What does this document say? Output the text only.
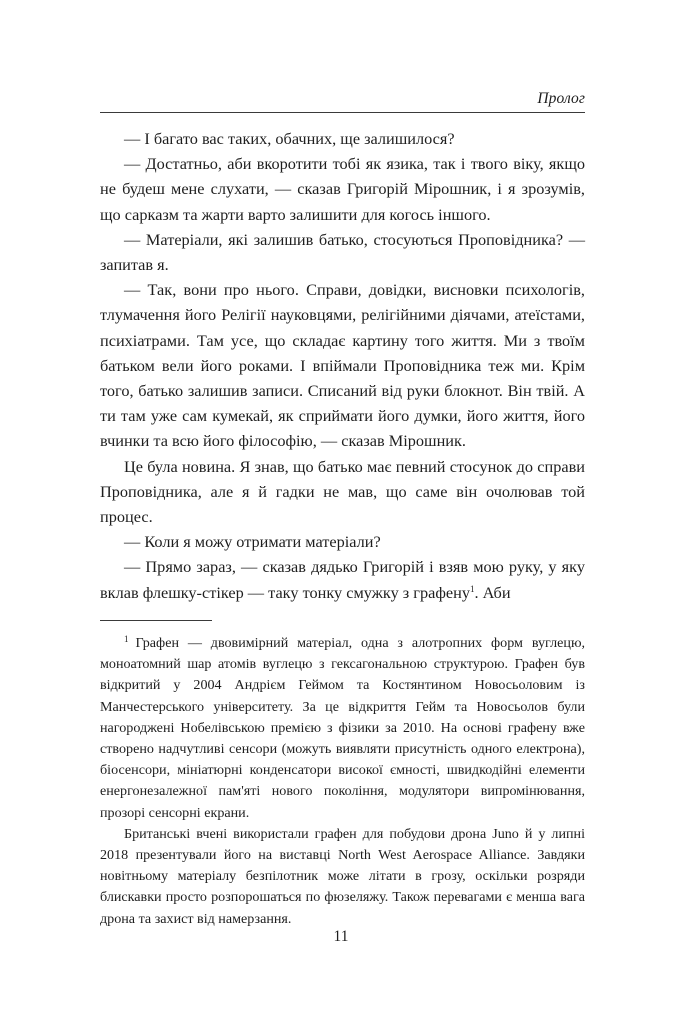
Пролог

— І багато вас таких, обачних, ще залишилося?

— Достатньо, аби вкоротити тобі як язика, так і твого віку, якщо не будеш мене слухати, — сказав Григорій Мірошник, і я зрозумів, що сарказм та жарти варто залишити для когось іншого.

— Матеріали, які залишив батько, стосуються Проповідника? — запитав я.

— Так, вони про нього. Справи, довідки, висновки психологів, тлумачення його Релігії науковцями, релігійними діячами, атеїстами, психіатрами. Там усе, що складає картину того життя. Ми з твоїм батьком вели його роками. І впіймали Проповідника теж ми. Крім того, батько залишив записи. Списаний від руки блокнот. Він твій. А ти там уже сам кумекай, як сприймати його думки, його життя, його вчинки та всю його філософію, — сказав Мірошник.

Це була новина. Я знав, що батько має певний стосунок до справи Проповідника, але я й гадки не мав, що саме він очолював той процес.

— Коли я можу отримати матеріали?

— Прямо зараз, — сказав дядько Григорій і взяв мою руку, у яку вклав флешку-стікер — таку тонку смужку з графену$^1$. Аби

$^1$ Графен — двовимірний матеріал, одна з алотропних форм вуглецю, моноатомний шар атомів вуглецю з гексагональною структурою. Графен був відкритий у 2004 Андрієм Геймом та Костянтином Новосьоловим із Манчестерського університету. За це відкриття Гейм та Новосьолов були нагороджені Нобелівською премією з фізики за 2010. На основі графену вже створено надчутливі сенсори (можуть виявляти присутність одного електрона), біосенсори, мініатюрні конденсатори високої ємності, швидкодійні елементи енергонезалежної пам'яті нового покоління, модулятори випромінювання, прозорі сенсорні екрани.

Британські вчені використали графен для побудови дрона Juno й у липні 2018 презентували його на виставці North West Aerospace Alliance. Завдяки новітньому матеріалу безпілотник може літати в грозу, оскільки розряди блискавки просто розпорошаться по фюзеляжу. Також перевагами є менша вага дрона та захист від намерзання.

11
